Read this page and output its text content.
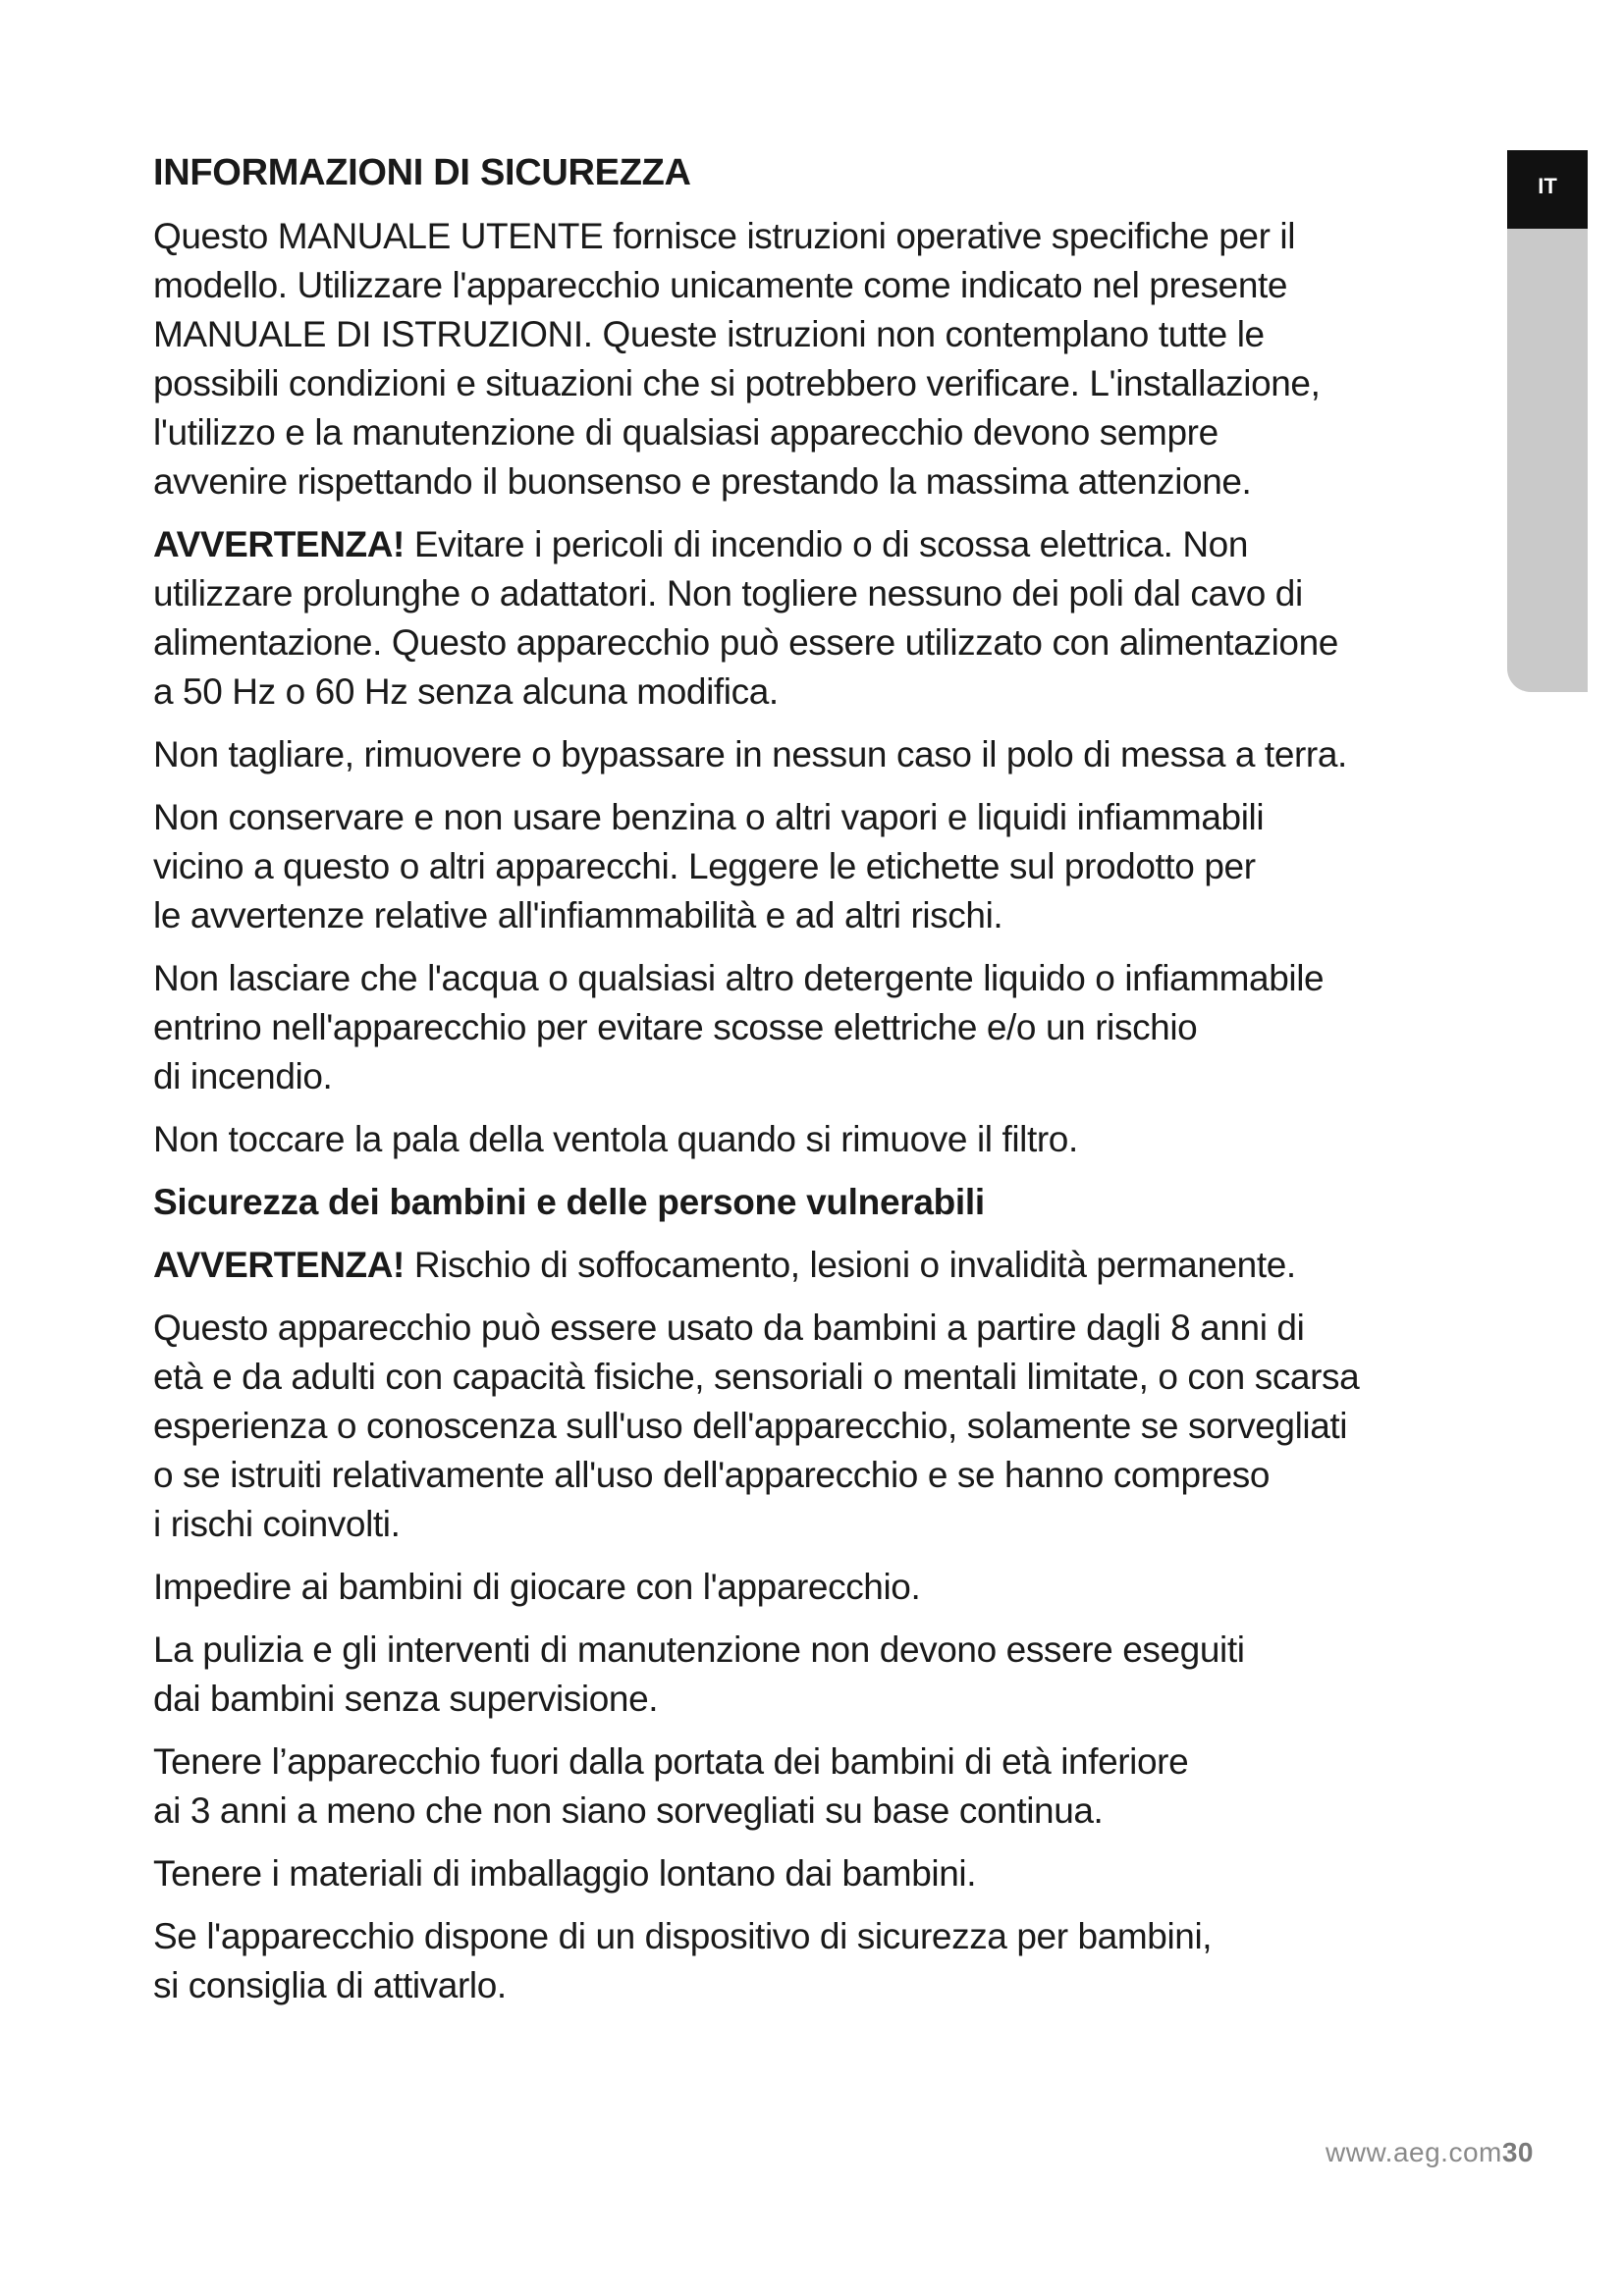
IT
INFORMAZIONI DI SICUREZZA

Questo MANUALE UTENTE fornisce istruzioni operative specifiche per il
modello. Utilizzare l'apparecchio unicamente come indicato nel presente
MANUALE DI ISTRUZIONI. Queste istruzioni non contemplano tutte le
possibili condizioni e situazioni che si potrebbero verificare. L'installazione,
l'utilizzo e la manutenzione di qualsiasi apparecchio devono sempre
avvenire rispettando il buonsenso e prestando la massima attenzione.

AVVERTENZA! Evitare i pericoli di incendio o di scossa elettrica. Non
utilizzare prolunghe o adattatori. Non togliere nessuno dei poli dal cavo di
alimentazione. Questo apparecchio può essere utilizzato con alimentazione
a 50 Hz o 60 Hz senza alcuna modifica.

Non tagliare, rimuovere o bypassare in nessun caso il polo di messa a terra.

Non conservare e non usare benzina o altri vapori e liquidi infiammabili
vicino a questo o altri apparecchi. Leggere le etichette sul prodotto per
le avvertenze relative all'infiammabilità e ad altri rischi.

Non lasciare che l'acqua o qualsiasi altro detergente liquido o infiammabile
entrino nell'apparecchio per evitare scosse elettriche e/o un rischio
di incendio.

Non toccare la pala della ventola quando si rimuove il filtro.

Sicurezza dei bambini e delle persone vulnerabili

AVVERTENZA! Rischio di soffocamento, lesioni o invalidità permanente.

Questo apparecchio può essere usato da bambini a partire dagli 8 anni di
età e da adulti con capacità fisiche, sensoriali o mentali limitate, o con scarsa
esperienza o conoscenza sull'uso dell'apparecchio, solamente se sorvegliati
o se istruiti relativamente all'uso dell'apparecchio e se hanno compreso
i rischi coinvolti.

Impedire ai bambini di giocare con l'apparecchio.

La pulizia e gli interventi di manutenzione non devono essere eseguiti
dai bambini senza supervisione.

Tenere l’apparecchio fuori dalla portata dei bambini di età inferiore
ai 3 anni a meno che non siano sorvegliati su base continua.

Tenere i materiali di imballaggio lontano dai bambini.

Se l'apparecchio dispone di un dispositivo di sicurezza per bambini,
si consiglia di attivarlo.

www.aeg.com30
